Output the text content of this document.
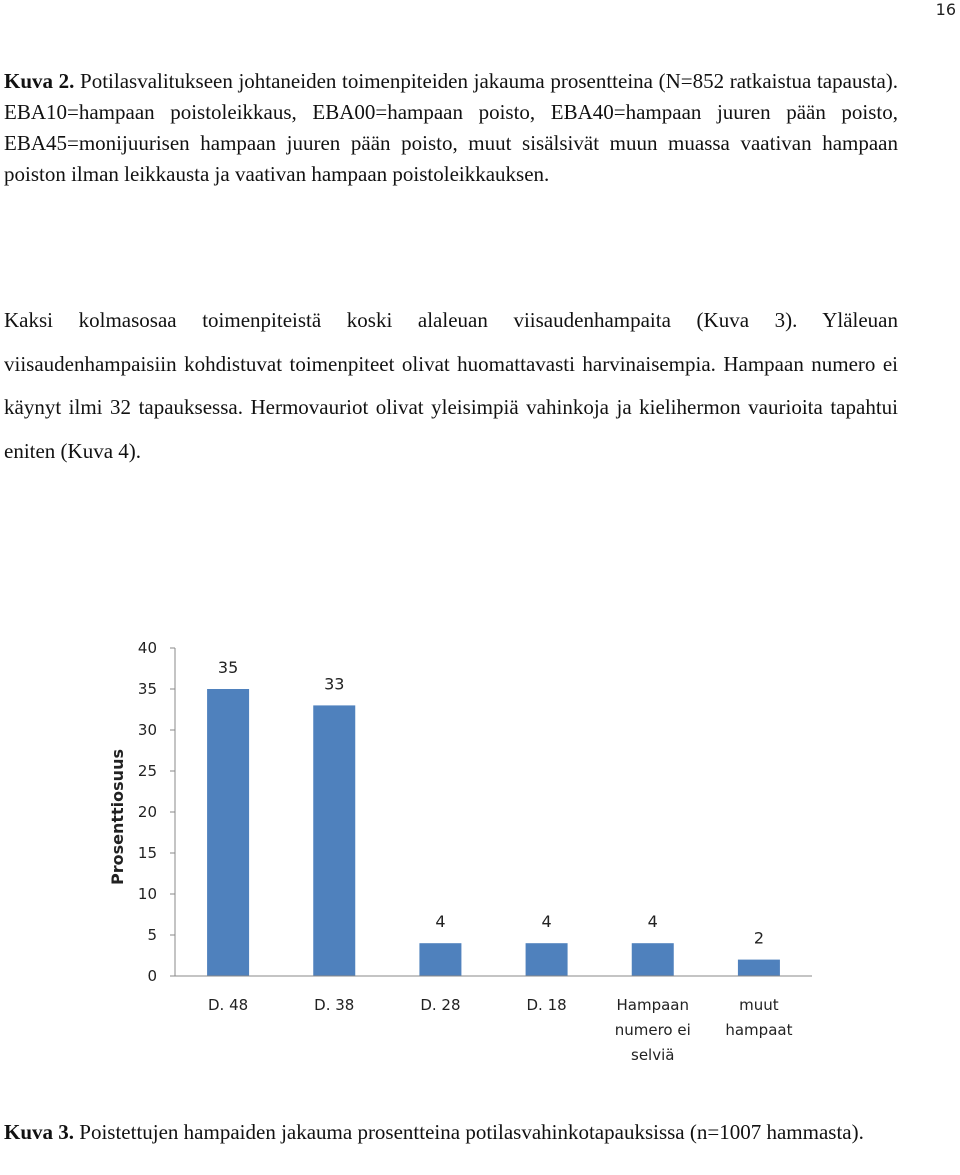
16
Kuva 2. Potilasvalitukseen johtaneiden toimenpiteiden jakauma prosentteina (N=852 ratkaistua tapausta). EBA10=hampaan poistoleikkaus, EBA00=hampaan poisto, EBA40=hampaan juuren pään poisto, EBA45=monijuurisen hampaan juuren pään poisto, muut sisälsivät muun muassa vaativan hampaan poiston ilman leikkausta ja vaativan hampaan poistoleikkauksen.
Kaksi kolmasosaa toimenpiteistä koski alaleuan viisaudenhampaita (Kuva 3). Yläleuan viisaudenhampaisiin kohdistuvat toimenpiteet olivat huomattavasti harvinaisempia. Hampaan numero ei käynyt ilmi 32 tapauksessa. Hermovauriot olivat yleisimpiä vahinkoja ja kielihermon vaurioita tapahtui eniten (Kuva 4).
0
5
10
15
20
25
30
35
40
Prosenttiosuus
35
D. 48
33
D. 38
4
D. 28
4
D. 18
4
Hampaan
numero ei
selviä
2
muut
hampaat
Kuva 3. Poistettujen hampaiden jakauma prosentteina potilasvahinkotapauksissa (n=1007 hammasta).
